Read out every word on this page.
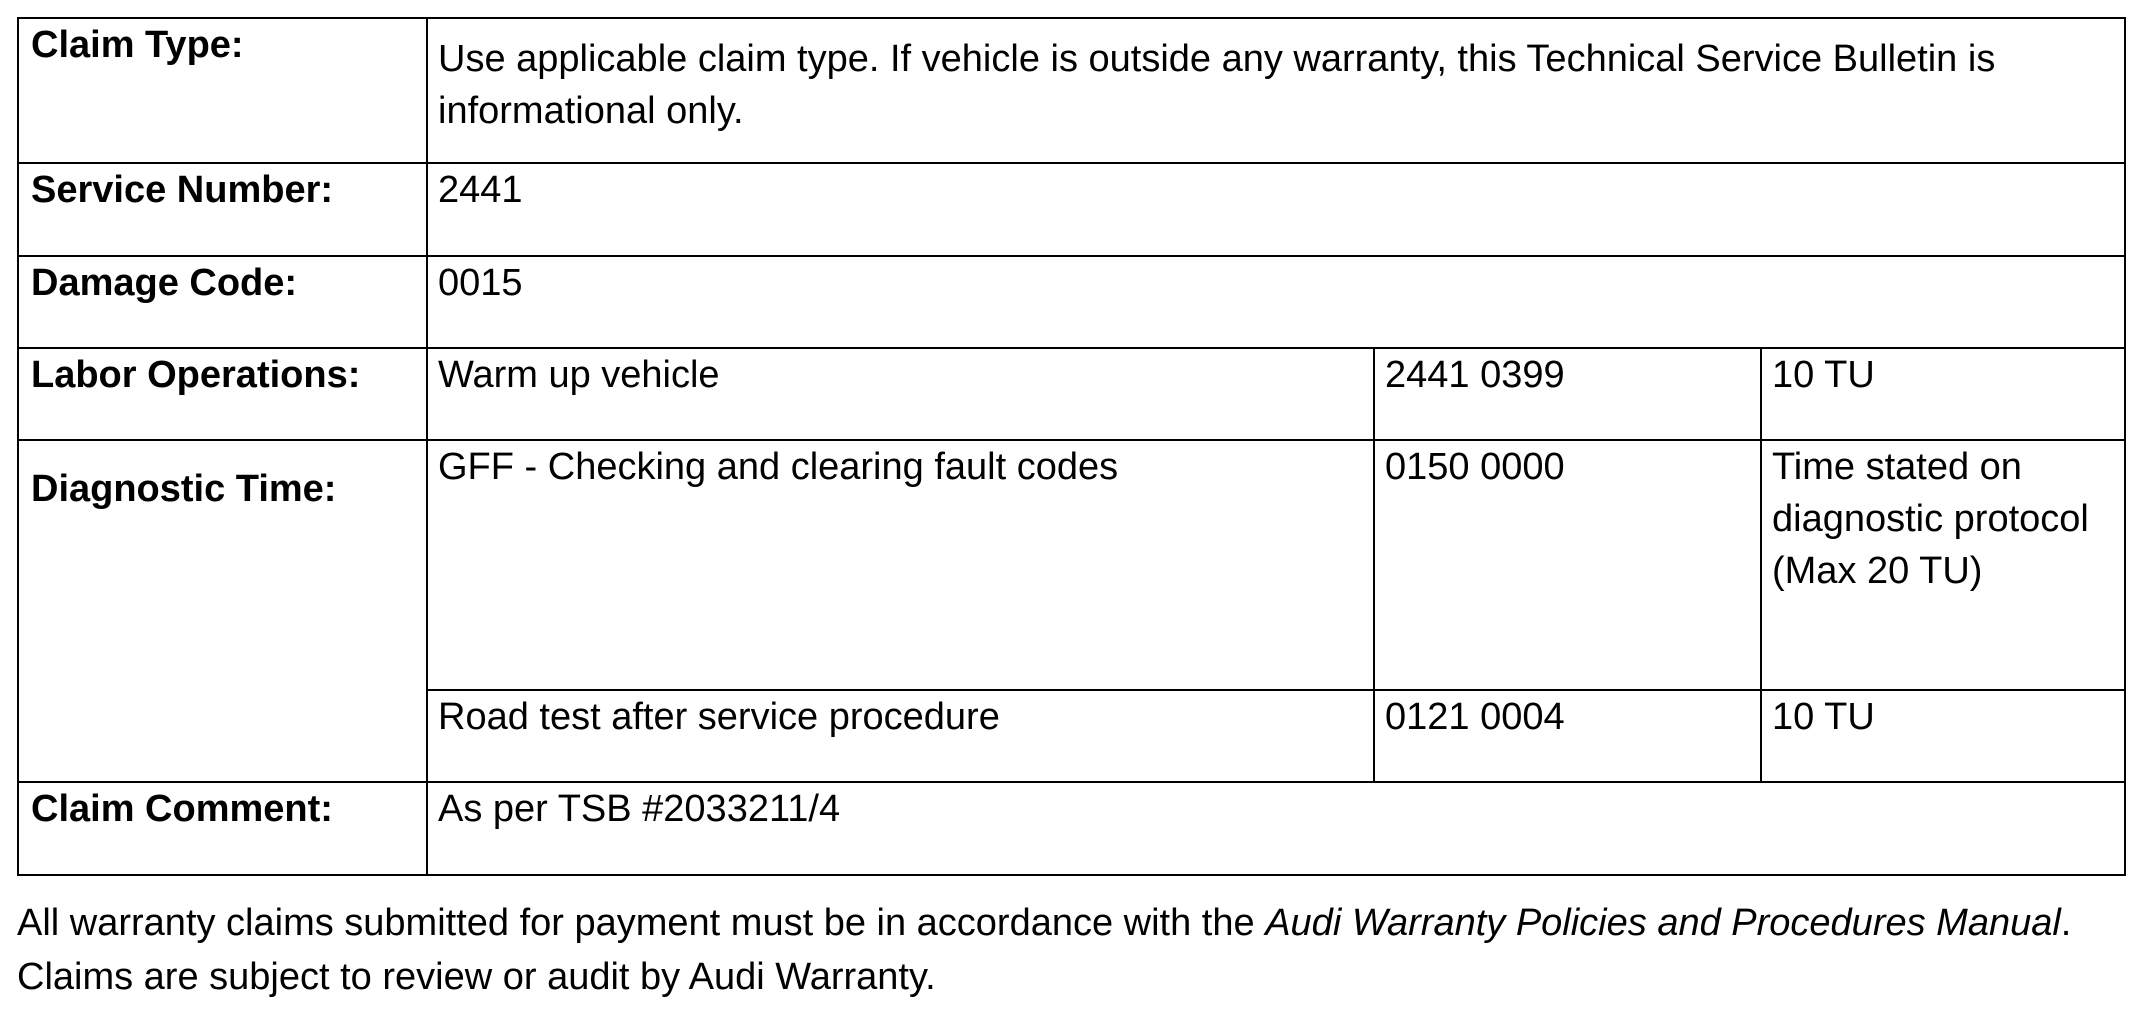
Claim Type:	Use applicable claim type. If vehicle is outside any warranty, this Technical Service Bulletin is informational only.		
Service Number:	2441		
Damage Code:	0015		
Labor Operations:	Warm up vehicle	2441 0399	10 TU
Diagnostic Time:	GFF - Checking and clearing fault codes	0150 0000	Time stated on diagnostic protocol (Max 20 TU)
	Road test after service procedure	0121 0004	10 TU
Claim Comment:	As per TSB #2033211/4		

All warranty claims submitted for payment must be in accordance with the Audi Warranty Policies and Procedures Manual. Claims are subject to review or audit by Audi Warranty.
